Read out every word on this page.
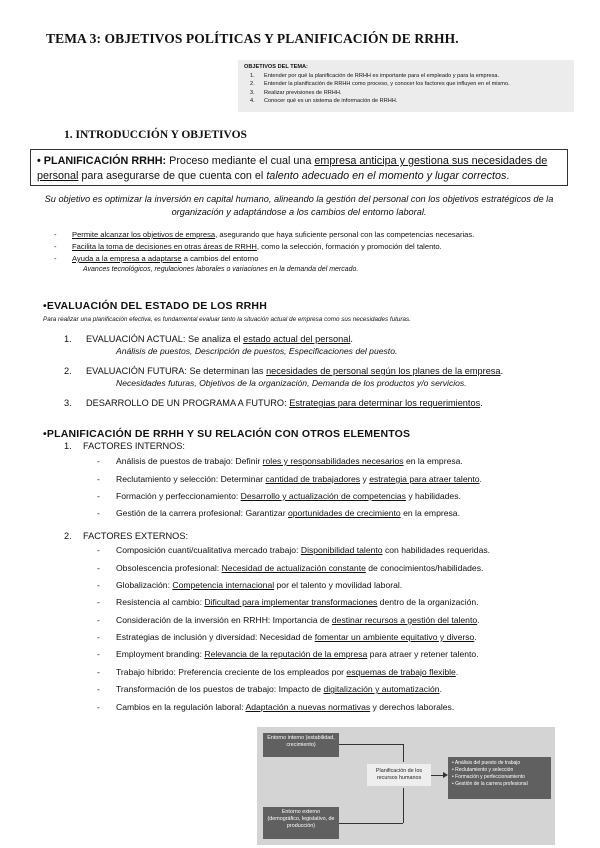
TEMA 3: OBJETIVOS POLÍTICAS Y PLANIFICACIÓN DE RRHH.
OBJETIVOS DEL TEMA:
1.	Entender por qué la planificación de RRHH es importante para el empleado y para la empresa.
2.	Entender la planificación de RRHH como proceso, y conocer los factores que influyen en el mismo.
3.	Realizar previsiones de RRHH.
4.	Conocer qué es un sistema de información de RRHH.
1. INTRODUCCIÓN Y OBJETIVOS
• PLANIFICACIÓN RRHH: Proceso mediante el cual una empresa anticipa y gestiona sus necesidades de personal para asegurarse de que cuenta con el talento adecuado en el momento y lugar correctos.
Su objetivo es optimizar la inversión en capital humano, alineando la gestión del personal con los objetivos estratégicos de la organización y adaptándose a los cambios del entorno laboral.
- Permite alcanzar los objetivos de empresa, asegurando que haya suficiente personal con las competencias necesarias.
- Facilita la toma de decisiones en otras áreas de RRHH, como la selección, formación y promoción del talento.
- Ayuda a la empresa a adaptarse a cambios del entorno
Avances tecnológicos, regulaciones laborales o variaciones en la demanda del mercado.
•EVALUACIÓN DEL ESTADO DE LOS RRHH
Para realizar una planificación efectiva, es fundamental evaluar tanto la situación actual de empresa como sus necesidades futuras.
1. EVALUACIÓN ACTUAL: Se analiza el estado actual del personal.
Análisis de puestos, Descripción de puestos, Especificaciones del puesto.
2. EVALUACIÓN FUTURA: Se determinan las necesidades de personal según los planes de la empresa.
Necesidades futuras, Objetivos de la organización, Demanda de los productos y/o servicios.
3. DESARROLLO DE UN PROGRAMA A FUTURO: Estrategias para determinar los requerimientos.
•PLANIFICACIÓN DE RRHH Y SU RELACIÓN CON OTROS ELEMENTOS
1. FACTORES INTERNOS:
- Análisis de puestos de trabajo: Definir roles y responsabilidades necesarios en la empresa.
- Reclutamiento y selección: Determinar cantidad de trabajadores y estrategia para atraer talento.
- Formación y perfeccionamiento: Desarrollo y actualización de competencias y habilidades.
- Gestión de la carrera profesional: Garantizar oportunidades de crecimiento en la empresa.
2. FACTORES EXTERNOS:
- Composición cuanti/cualitativa mercado trabajo: Disponibilidad talento con habilidades requeridas.
- Obsolescencia profesional: Necesidad de actualización constante de conocimientos/habilidades.
- Globalización: Competencia internacional por el talento y movilidad laboral.
- Resistencia al cambio: Dificultad para implementar transformaciones dentro de la organización.
- Consideración de la inversión en RRHH: Importancia de destinar recursos a gestión del talento.
- Estrategias de inclusión y diversidad: Necesidad de fomentar un ambiente equitativo y diverso.
- Employment branding: Relevancia de la reputación de la empresa para atraer y retener talento.
- Trabajo híbrido: Preferencia creciente de los empleados por esquemas de trabajo flexible.
- Transformación de los puestos de trabajo: Impacto de digitalización y automatización.
- Cambios en la regulación laboral: Adaptación a nuevas normativas y derechos laborales.
Entorno interno (estabilidad, crecimiento)
Entorno externo (demográfico, legislativo, de producción)
Planificación de los recursos humanos
• Análisis del puesto de trabajo
• Reclutamiento y selección
• Formación y perfeccionamiento
• Gestión de la carrera profesional
